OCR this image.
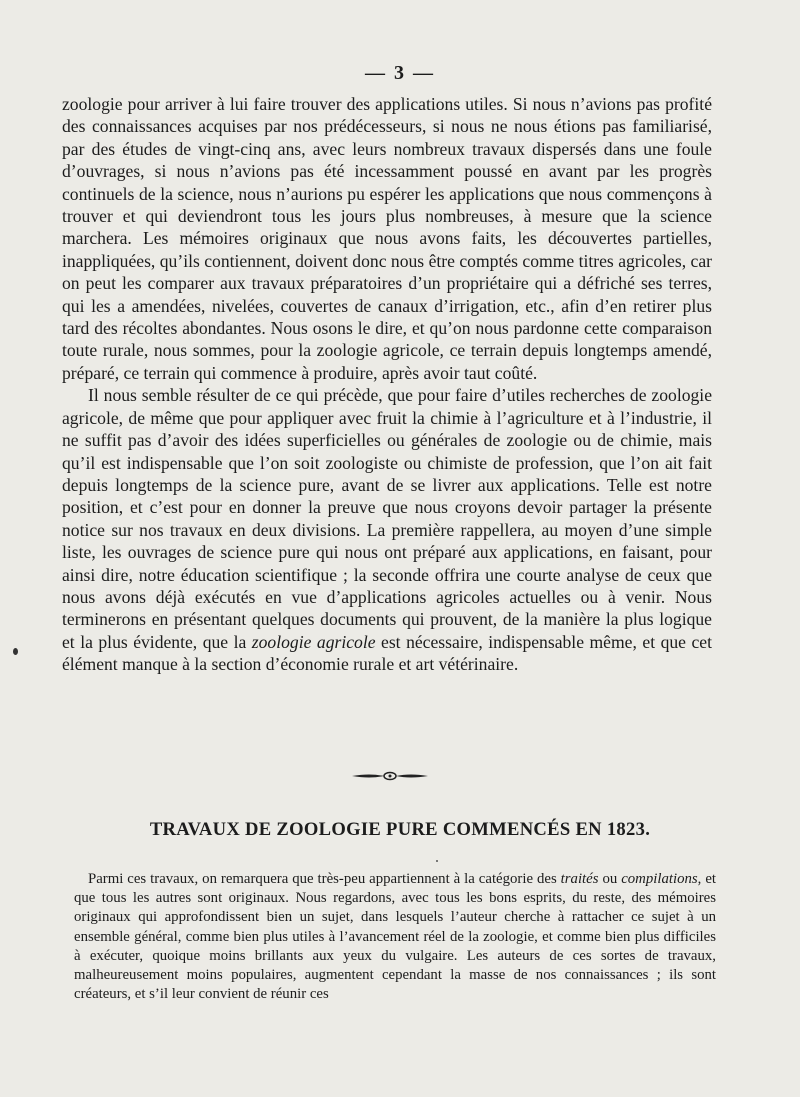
— 3 —

zoologie pour arriver à lui faire trouver des applications utiles. Si nous n’avions pas profité des connaissances acquises par nos prédécesseurs, si nous ne nous étions pas familiarisé, par des études de vingt-cinq ans, avec leurs nombreux travaux dispersés dans une foule d’ouvrages, si nous n’avions pas été incessamment poussé en avant par les progrès continuels de la science, nous n’aurions pu espérer les applications que nous commençons à trouver et qui deviendront tous les jours plus nombreuses, à mesure que la science marchera. Les mémoires originaux que nous avons faits, les découvertes partielles, inappliquées, qu’ils contiennent, doivent donc nous être comptés comme titres agricoles, car on peut les comparer aux travaux préparatoires d’un propriétaire qui a défriché ses terres, qui les a amendées, nivelées, couvertes de canaux d’irrigation, etc., afin d’en retirer plus tard des récoltes abondantes. Nous osons le dire, et qu’on nous pardonne cette comparaison toute rurale, nous sommes, pour la zoologie agricole, ce terrain depuis longtemps amendé, préparé, ce terrain qui commence à produire, après avoir taut coûté.

Il nous semble résulter de ce qui précède, que pour faire d’utiles recherches de zoologie agricole, de même que pour appliquer avec fruit la chimie à l’agriculture et à l’industrie, il ne suffit pas d’avoir des idées superficielles ou générales de zoologie ou de chimie, mais qu’il est indispensable que l’on soit zoologiste ou chimiste de profession, que l’on ait fait depuis longtemps de la science pure, avant de se livrer aux applications. Telle est notre position, et c’est pour en donner la preuve que nous croyons devoir partager la présente notice sur nos travaux en deux divisions. La première rappellera, au moyen d’une simple liste, les ouvrages de science pure qui nous ont préparé aux applications, en faisant, pour ainsi dire, notre éducation scientifique ; la seconde offrira une courte analyse de ceux que nous avons déjà exécutés en vue d’applications agricoles actuelles ou à venir. Nous terminerons en présentant quelques documents qui prouvent, de la manière la plus logique et la plus évidente, que la zoologie agricole est nécessaire, indispensable même, et que cet élément manque à la section d’économie rurale et art vétérinaire.

TRAVAUX DE ZOOLOGIE PURE COMMENCÉS EN 1823.

Parmi ces travaux, on remarquera que très-peu appartiennent à la catégorie des traités ou compilations, et que tous les autres sont originaux. Nous regardons, avec tous les bons esprits, du reste, des mémoires originaux qui approfondissent bien un sujet, dans lesquels l’auteur cherche à rattacher ce sujet à un ensemble général, comme bien plus utiles à l’avancement réel de la zoologie, et comme bien plus difficiles à exécuter, quoique moins brillants aux yeux du vulgaire. Les auteurs de ces sortes de travaux, malheureusement moins populaires, augmentent cependant la masse de nos connaissances ; ils sont créateurs, et s’il leur convient de réunir ces
